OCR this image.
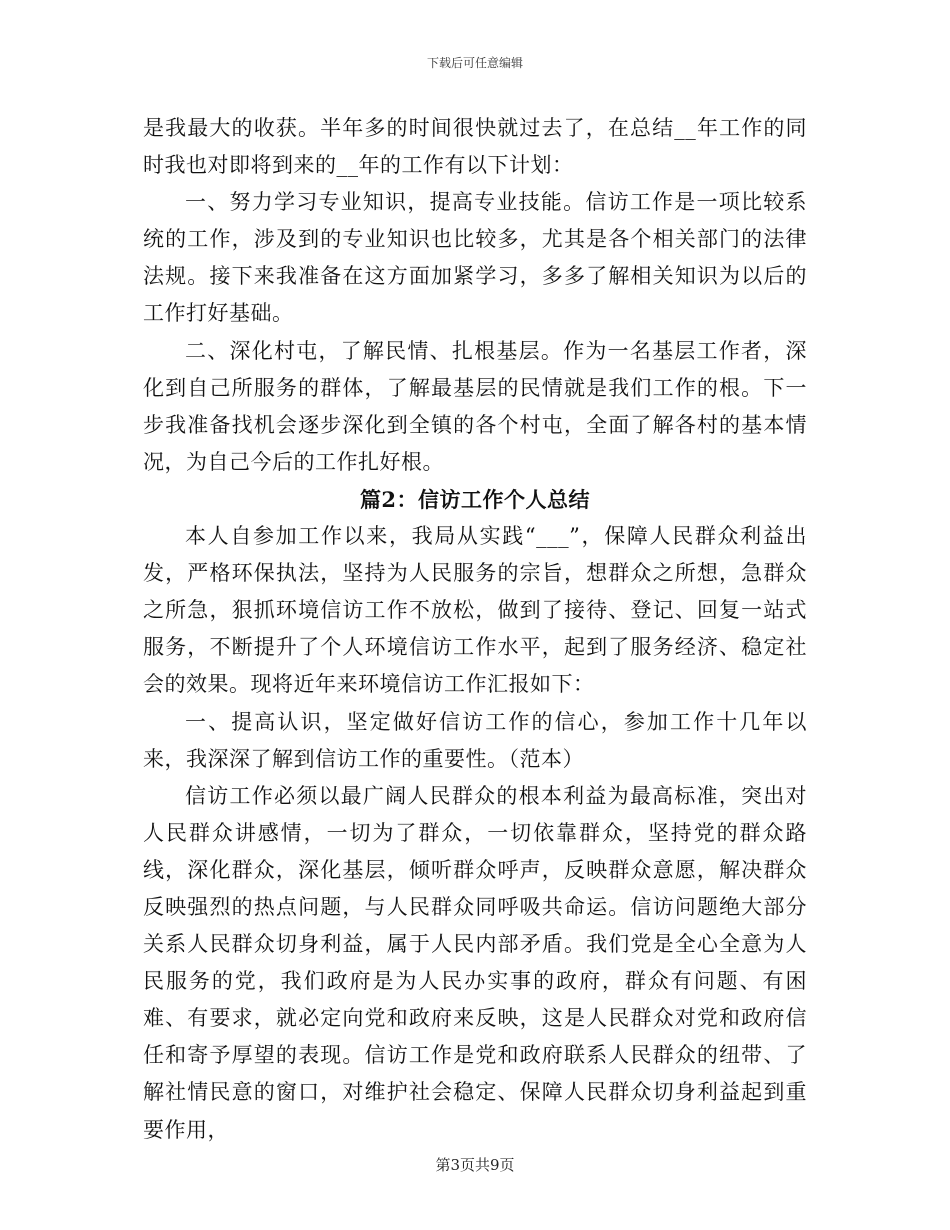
下载后可任意编辑

是我最大的收获。半年多的时间很快就过去了，在总结__年工作的同时我也对即将到来的__年的工作有以下计划：

一、努力学习专业知识，提高专业技能。信访工作是一项比较系统的工作，涉及到的专业知识也比较多，尤其是各个相关部门的法律法规。接下来我准备在这方面加紧学习，多多了解相关知识为以后的工作打好基础。

二、深化村屯，了解民情、扎根基层。作为一名基层工作者，深化到自己所服务的群体，了解最基层的民情就是我们工作的根。下一步我准备找机会逐步深化到全镇的各个村屯，全面了解各村的基本情况，为自己今后的工作扎好根。

篇2：信访工作个人总结

本人自参加工作以来，我局从实践“___”，保障人民群众利益出发，严格环保执法，坚持为人民服务的宗旨，想群众之所想，急群众之所急，狠抓环境信访工作不放松，做到了接待、登记、回复一站式服务，不断提升了个人环境信访工作水平，起到了服务经济、稳定社会的效果。现将近年来环境信访工作汇报如下：

一、提高认识，坚定做好信访工作的信心，参加工作十几年以来，我深深了解到信访工作的重要性。（范本）

信访工作必须以最广阔人民群众的根本利益为最高标准，突出对人民群众讲感情，一切为了群众，一切依靠群众，坚持党的群众路线，深化群众，深化基层，倾听群众呼声，反映群众意愿，解决群众反映强烈的热点问题，与人民群众同呼吸共命运。信访问题绝大部分关系人民群众切身利益，属于人民内部矛盾。我们党是全心全意为人民服务的党，我们政府是为人民办实事的政府，群众有问题、有困难、有要求，就必定向党和政府来反映，这是人民群众对党和政府信任和寄予厚望的表现。信访工作是党和政府联系人民群众的纽带、了解社情民意的窗口，对维护社会稳定、保障人民群众切身利益起到重要作用，

第3页共9页
